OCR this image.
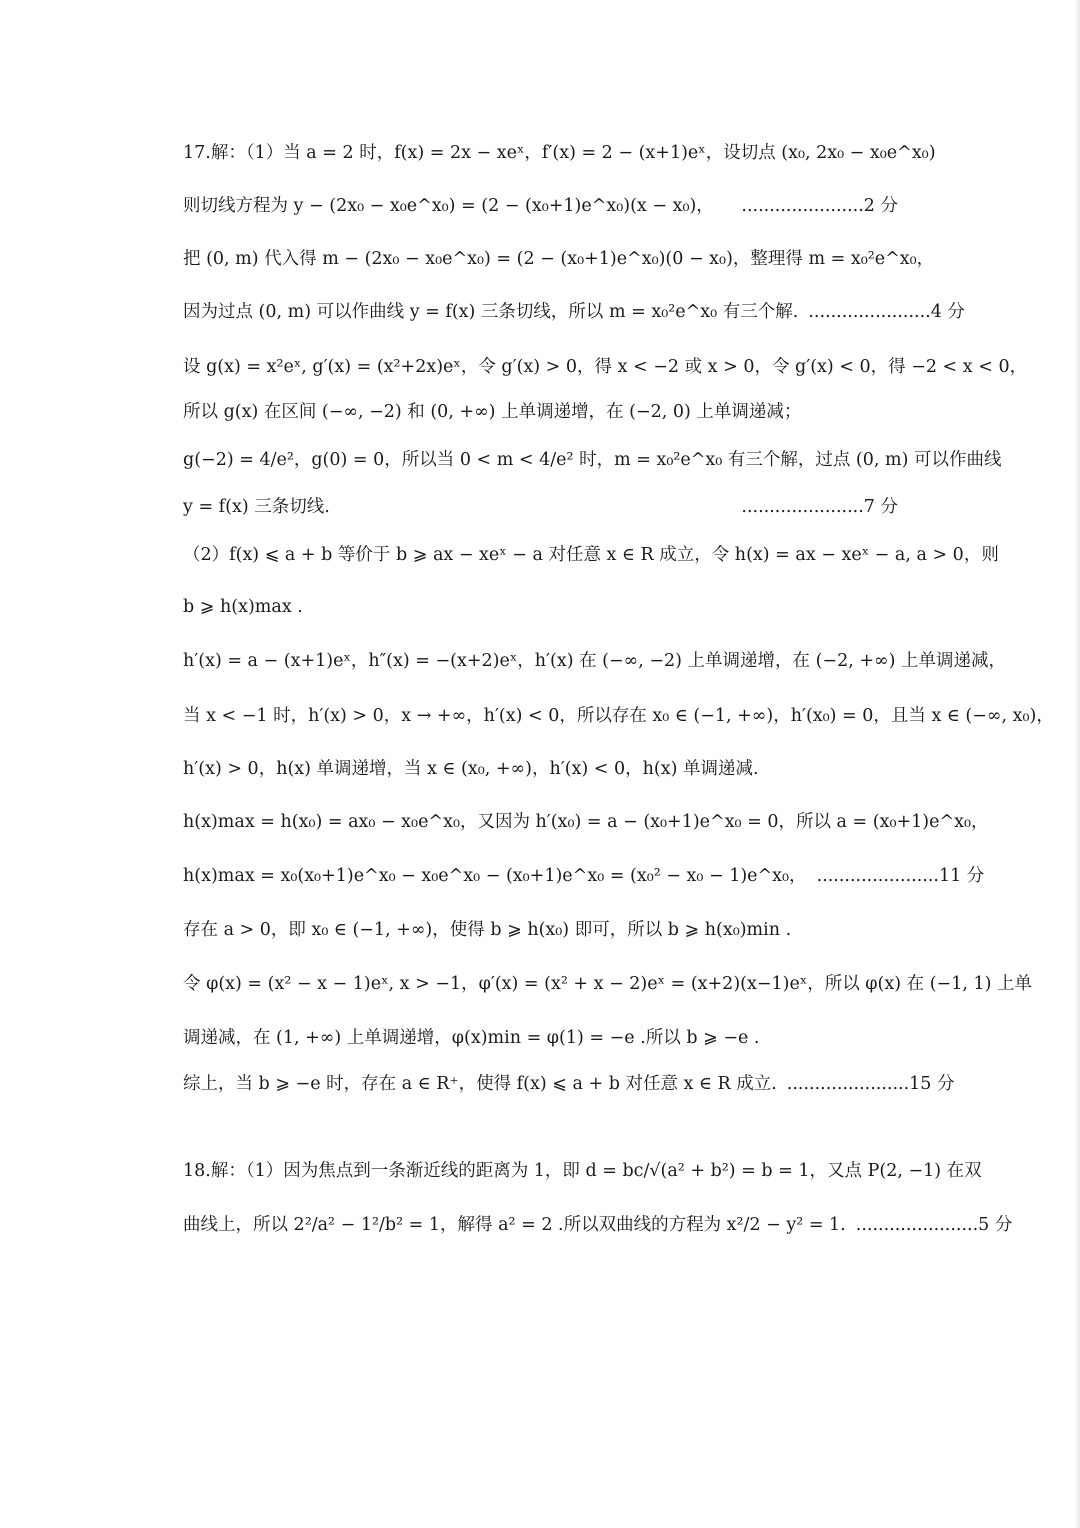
17.解：（1）当 a = 2 时，f(x) = 2x − xeˣ，f′(x) = 2 − (x+1)eˣ，设切点 (x₀, 2x₀ − x₀e^x₀)
则切线方程为 y − (2x₀ − x₀e^x₀) = (2 − (x₀+1)e^x₀)(x − x₀)，	......................2 分
把 (0, m) 代入得 m − (2x₀ − x₀e^x₀) = (2 − (x₀+1)e^x₀)(0 − x₀)，整理得 m = x₀²e^x₀，
因为过点 (0, m) 可以作曲线 y = f(x) 三条切线，所以 m = x₀²e^x₀ 有三个解. ......................4 分
设 g(x) = x²eˣ, g′(x) = (x²+2x)eˣ，令 g′(x) > 0，得 x < −2 或 x > 0，令 g′(x) < 0，得 −2 < x < 0，
所以 g(x) 在区间 (−∞, −2) 和 (0, +∞) 上单调递增，在 (−2, 0) 上单调递减；
g(−2) = 4/e²，g(0) = 0，所以当 0 < m < 4/e² 时，m = x₀²e^x₀ 有三个解，过点 (0, m) 可以作曲线
y = f(x) 三条切线.	......................7 分
（2）f(x) ⩽ a + b 等价于 b ⩾ ax − xeˣ − a 对任意 x ∈ R 成立，令 h(x) = ax − xeˣ − a, a > 0，则
b ⩾ h(x)max .
h′(x) = a − (x+1)eˣ，h″(x) = −(x+2)eˣ，h′(x) 在 (−∞, −2) 上单调递增，在 (−2, +∞) 上单调递减，
当 x < −1 时，h′(x) > 0，x → +∞，h′(x) < 0，所以存在 x₀ ∈ (−1, +∞)，h′(x₀) = 0，且当 x ∈ (−∞, x₀)，
h′(x) > 0，h(x) 单调递增，当 x ∈ (x₀, +∞)，h′(x) < 0，h(x) 单调递减.
h(x)max = h(x₀) = ax₀ − x₀e^x₀，又因为 h′(x₀) = a − (x₀+1)e^x₀ = 0，所以 a = (x₀+1)e^x₀，
h(x)max = x₀(x₀+1)e^x₀ − x₀e^x₀ − (x₀+1)e^x₀ = (x₀² − x₀ − 1)e^x₀， ......................11 分
存在 a > 0，即 x₀ ∈ (−1, +∞)，使得 b ⩾ h(x₀) 即可，所以 b ⩾ h(x₀)min .
令 φ(x) = (x² − x − 1)eˣ, x > −1，φ′(x) = (x² + x − 2)eˣ = (x+2)(x−1)eˣ，所以 φ(x) 在 (−1, 1) 上单
调递减，在 (1, +∞) 上单调递增，φ(x)min = φ(1) = −e .所以 b ⩾ −e .
综上，当 b ⩾ −e 时，存在 a ∈ R⁺，使得 f(x) ⩽ a + b 对任意 x ∈ R 成立. ......................15 分
18.解：（1）因为焦点到一条渐近线的距离为 1，即 d = bc/√(a² + b²) = b = 1，又点 P(2, −1) 在双
曲线上，所以 2²/a² − 1²/b² = 1，解得 a² = 2 .所以双曲线的方程为 x²/2 − y² = 1. ......................5 分
